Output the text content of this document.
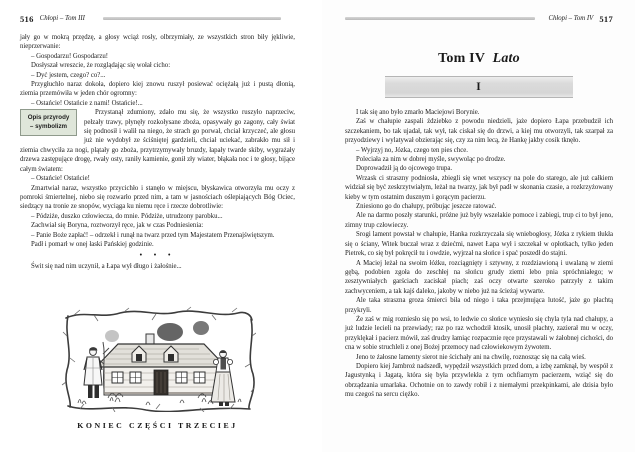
516 Chłopi – Tom III

jały go w mokrą przędzę, a głosy wciąż rosły, olbrzymiały, ze wszystkich stron biły jękliwie, nieprzerwanie:

– Gospodarzu! Gospodarzu!

Dosłyszał wreszcie, że rozglądając się wołał cicho:

– Dyć jestem, czego? co?...

Przygłuchło naraz dokoła, dopiero kiej znowu ruszył posiewać ociężałą już i pustą dłonią, ziemia przemówiła w jeden chór ogromny:

– Ostańcie! Ostańcie z nami! Ostańcie!...

Opis przyrody
– symbolizm

Przystanął zdumiony, zdało mu się, że wszystko ruszyło naprzeciw, pełzały trawy, płynęły rozkołysane zboża, opasywały go zagony, cały świat się podnosił i walił na niego, że strach go porwał, chciał krzyczeć, ale głosu już nie wydobył ze ściśniętej gardzieli, chciał uciekać, zabrakło mu sił i ziemia chwyciła za nogi, plątały go zboża, przytrzymywały bruzdy, łapały twarde skiby, wygrażały drzewa zastępujące drogę, rwały osty, raniły kamienie, gonił zły wiater, błąkała noc i te głosy, bijące całym światem:

– Ostańcie! Ostańcie!

Zmartwiał naraz, wszystko przycichło i stanęło w miejscu, błyskawica otworzyła mu oczy z pomroki śmiertelnej, niebo się rozwarło przed nim, a tam w jasnościach oślepiających Bóg Ociec, siedzący na tronie ze snopów, wyciąga ku niemu ręce i rzecze dobrotliwie:

– Pódziże, duszko człowiecza, do mnie. Pódziże, utrudzony parobku...

Zachwiał się Boryna, roztworzył ręce, jak w czas Podniesienia:

– Panie Boże zapłać! – odrzekł i runął na twarz przed tym Majestatem Przenajświętszym.

Padł i pomarł w onej łaski Pańskiej godzinie.

• • •

Świt się nad nim uczynił, a Łapa wył długo i żałośnie...

KONIEC CZĘŚCI TRZECIEJ
Chłopi – Tom IV 517
Tom IV Lato
I

I tak się ano było zmarło Maciejowi Borynie.

Zaś w chałupie zaspali ździebko z powodu niedzieli, jaże dopiero Łapa przebudził ich szczekaniem, bo tak ujadał, tak wył, tak ciskał się do drzwi, a kiej mu otworzyli, tak szarpał za przyodziewy i wylatywał obzierając się, czy za nim lecą, że Hankę jakby cosik tknęło.

– Wyjrzyj no, Józka, czego ten pies chce.

Poleciała za nim w dobrej myśle, swywoląc po drodze.

Doprowadził ją do ojcowego trupa.

Wrzask ci straszny podniosła, zbiegli się wnet wszyscy na pole do starego, ale już całkiem widział się być zeskrzytwiałym, leżał na twarzy, jak był padł w skonania czasie, a rozkrzyżowany kieby w tym ostatnim dusznym i gorącym pacierzu.

Zniesiono go do chałupy, próbując jeszcze ratować.

Ale na darmo poszły starunki, próżne już były wszelakie pomoce i zabiegi, trup ci to był jeno, zimny trup człowieczy.

Srogi lament powstał w chałupie, Hanka rozkrzyczała się wniebogłosy, Józka z rykiem tłukła się o ściany, Witek buczał wraz z dziećmi, nawet Łapa wył i szczekał w opłotkach, tylko jeden Pietrek, co się był pokręcił tu i owdzie, wyjrzał na słońce i spać poszedł do stajni.

A Maciej leżał na swoim łóżku, rozciągnięty i sztywny, z rozdziawioną i uwalaną w ziemi gębą, podobien zgoła do zeschłej na słońcu grudy ziemi lebo pnia spróchniałego; w zesztywniałych garściach zaciskał piach; zaś oczy otwarte szeroko patrzyły z takim zachwyceniem, a tak kajś daleko, jakoby w niebo już na ścieżaj wywarte.

Ale taka straszna groza śmierci biła od niego i taka przejmująca lutość, jaże go płachtą przykryli.

Że zaś w mig rozniesło się po wsi, to ledwie co słońce wyniesło się chyla tyla nad chałupy, a już ludzie lecieli na przewiady; raz po raz wchodził ktosik, unosił płachty, zazierał mu w oczy, przyklękał i pacierz mówił, zaś drudzy łamiąc rozpacznie ręce przystawali w żałobnej cichości, do cna w sobie struchleli z onej Bożej przemocy nad człowiekowym żywotem.

Jeno te żałosne lamenty sierot nie ścichały ani na chwilę, roznosząc się na całą wieś.

Dopiero kiej Jambroż nadszedł, wypędził wszystkich przed dom, a izbę zamknął, by wespół z Jagustynką i Jagatą, która się była przywlekła z tym ochfiarnym pacierzem, wziąć się do obrządzania umarlaka. Ochotnie on to zawdy robił i z niemałymi przekpinkami, ale dzisia było mu czegoś na sercu ciężko.
